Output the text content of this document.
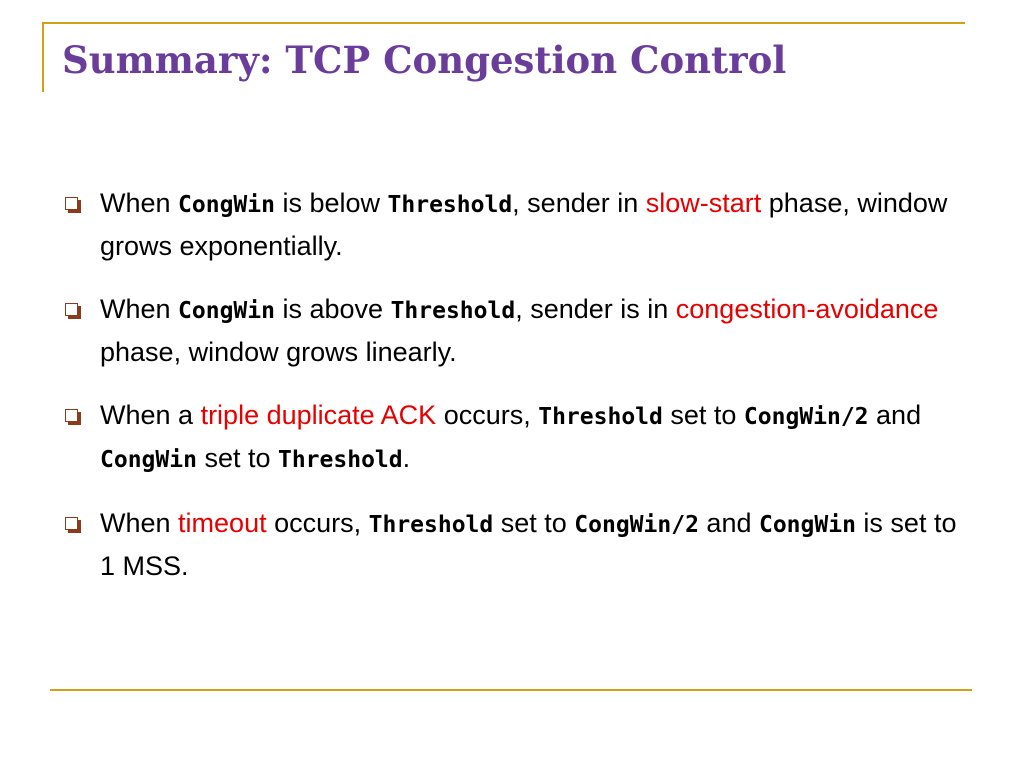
Summary: TCP Congestion Control
When CongWin is below Threshold, sender in slow-start phase, window grows exponentially.
When CongWin is above Threshold, sender is in congestion-avoidance phase, window grows linearly.
When a triple duplicate ACK occurs, Threshold set to CongWin/2 and CongWin set to Threshold.
When timeout occurs, Threshold set to CongWin/2 and CongWin is set to 1 MSS.
